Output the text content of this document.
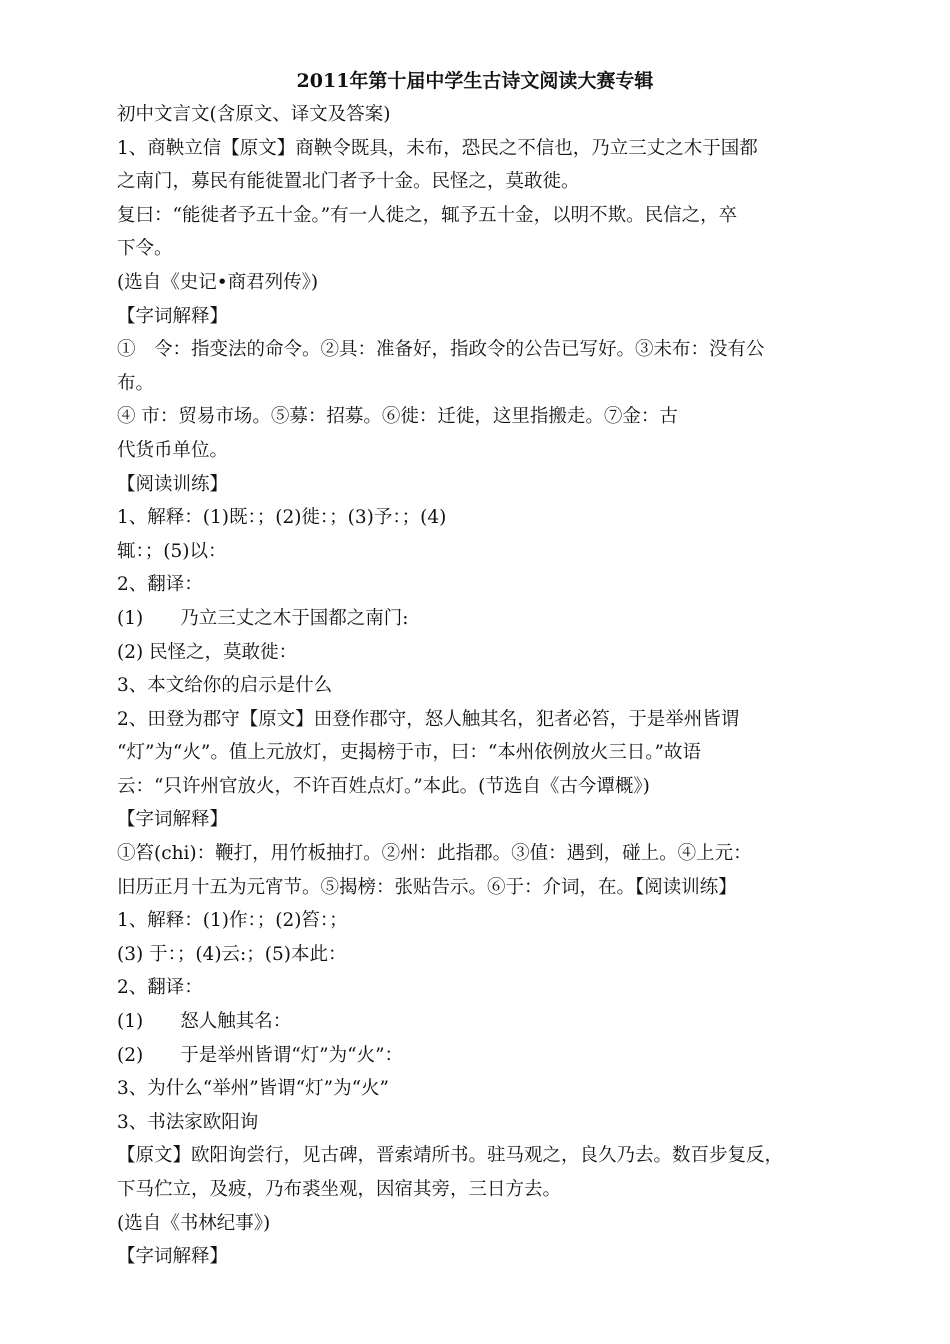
2011年第十届中学生古诗文阅读大赛专辑
初中文言文(含原文、译文及答案)
1、商鞅立信【原文】商鞅令既具，未布，恐民之不信也，乃立三丈之木于国都
之南门，募民有能徙置北门者予十金。民怪之，莫敢徙。
复曰：“能徙者予五十金。”有一人徙之，辄予五十金，以明不欺。民信之，卒
下令。
(选自《史记•商君列传》)
【字词解释】
①　令：指变法的命令。②具：准备好，指政令的公告已写好。③未布：没有公
布。
④ 市：贸易市场。⑤募：招募。⑥徙：迁徙，这里指搬走。⑦金：古
代货币单位。
【阅读训练】
1、解释：(1)既：；(2)徙：；(3)予：；(4)
辄：；(5)以：
2、翻译：
(1)　　乃立三丈之木于国都之南门:
(2) 民怪之，莫敢徙：
3、本文给你的启示是什么
2、田登为郡守【原文】田登作郡守，怒人触其名，犯者必笞，于是举州皆谓
“灯”为“火”。值上元放灯，吏揭榜于市，曰：“本州依例放火三日。”故语
云：“只许州官放火，不许百姓点灯。”本此。(节选自《古今谭概》)
【字词解释】
①笞(chi)：鞭打，用竹板抽打。②州：此指郡。③值：遇到，碰上。④上元：
旧历正月十五为元宵节。⑤揭榜：张贴告示。⑥于：介词，在。【阅读训练】
1、解释：(1)作：；(2)笞：；
(3) 于：；(4)云:；(5)本此：
2、翻译：
(1)　　怒人触其名：
(2)　　于是举州皆谓“灯”为“火”：
3、为什么“举州”皆谓“灯”为“火”
3、书法家欧阳询
【原文】欧阳询尝行，见古碑，晋索靖所书。驻马观之，良久乃去。数百步复反，
下马伫立，及疲，乃布裘坐观，因宿其旁，三日方去。
(选自《书林纪事》)
【字词解释】
